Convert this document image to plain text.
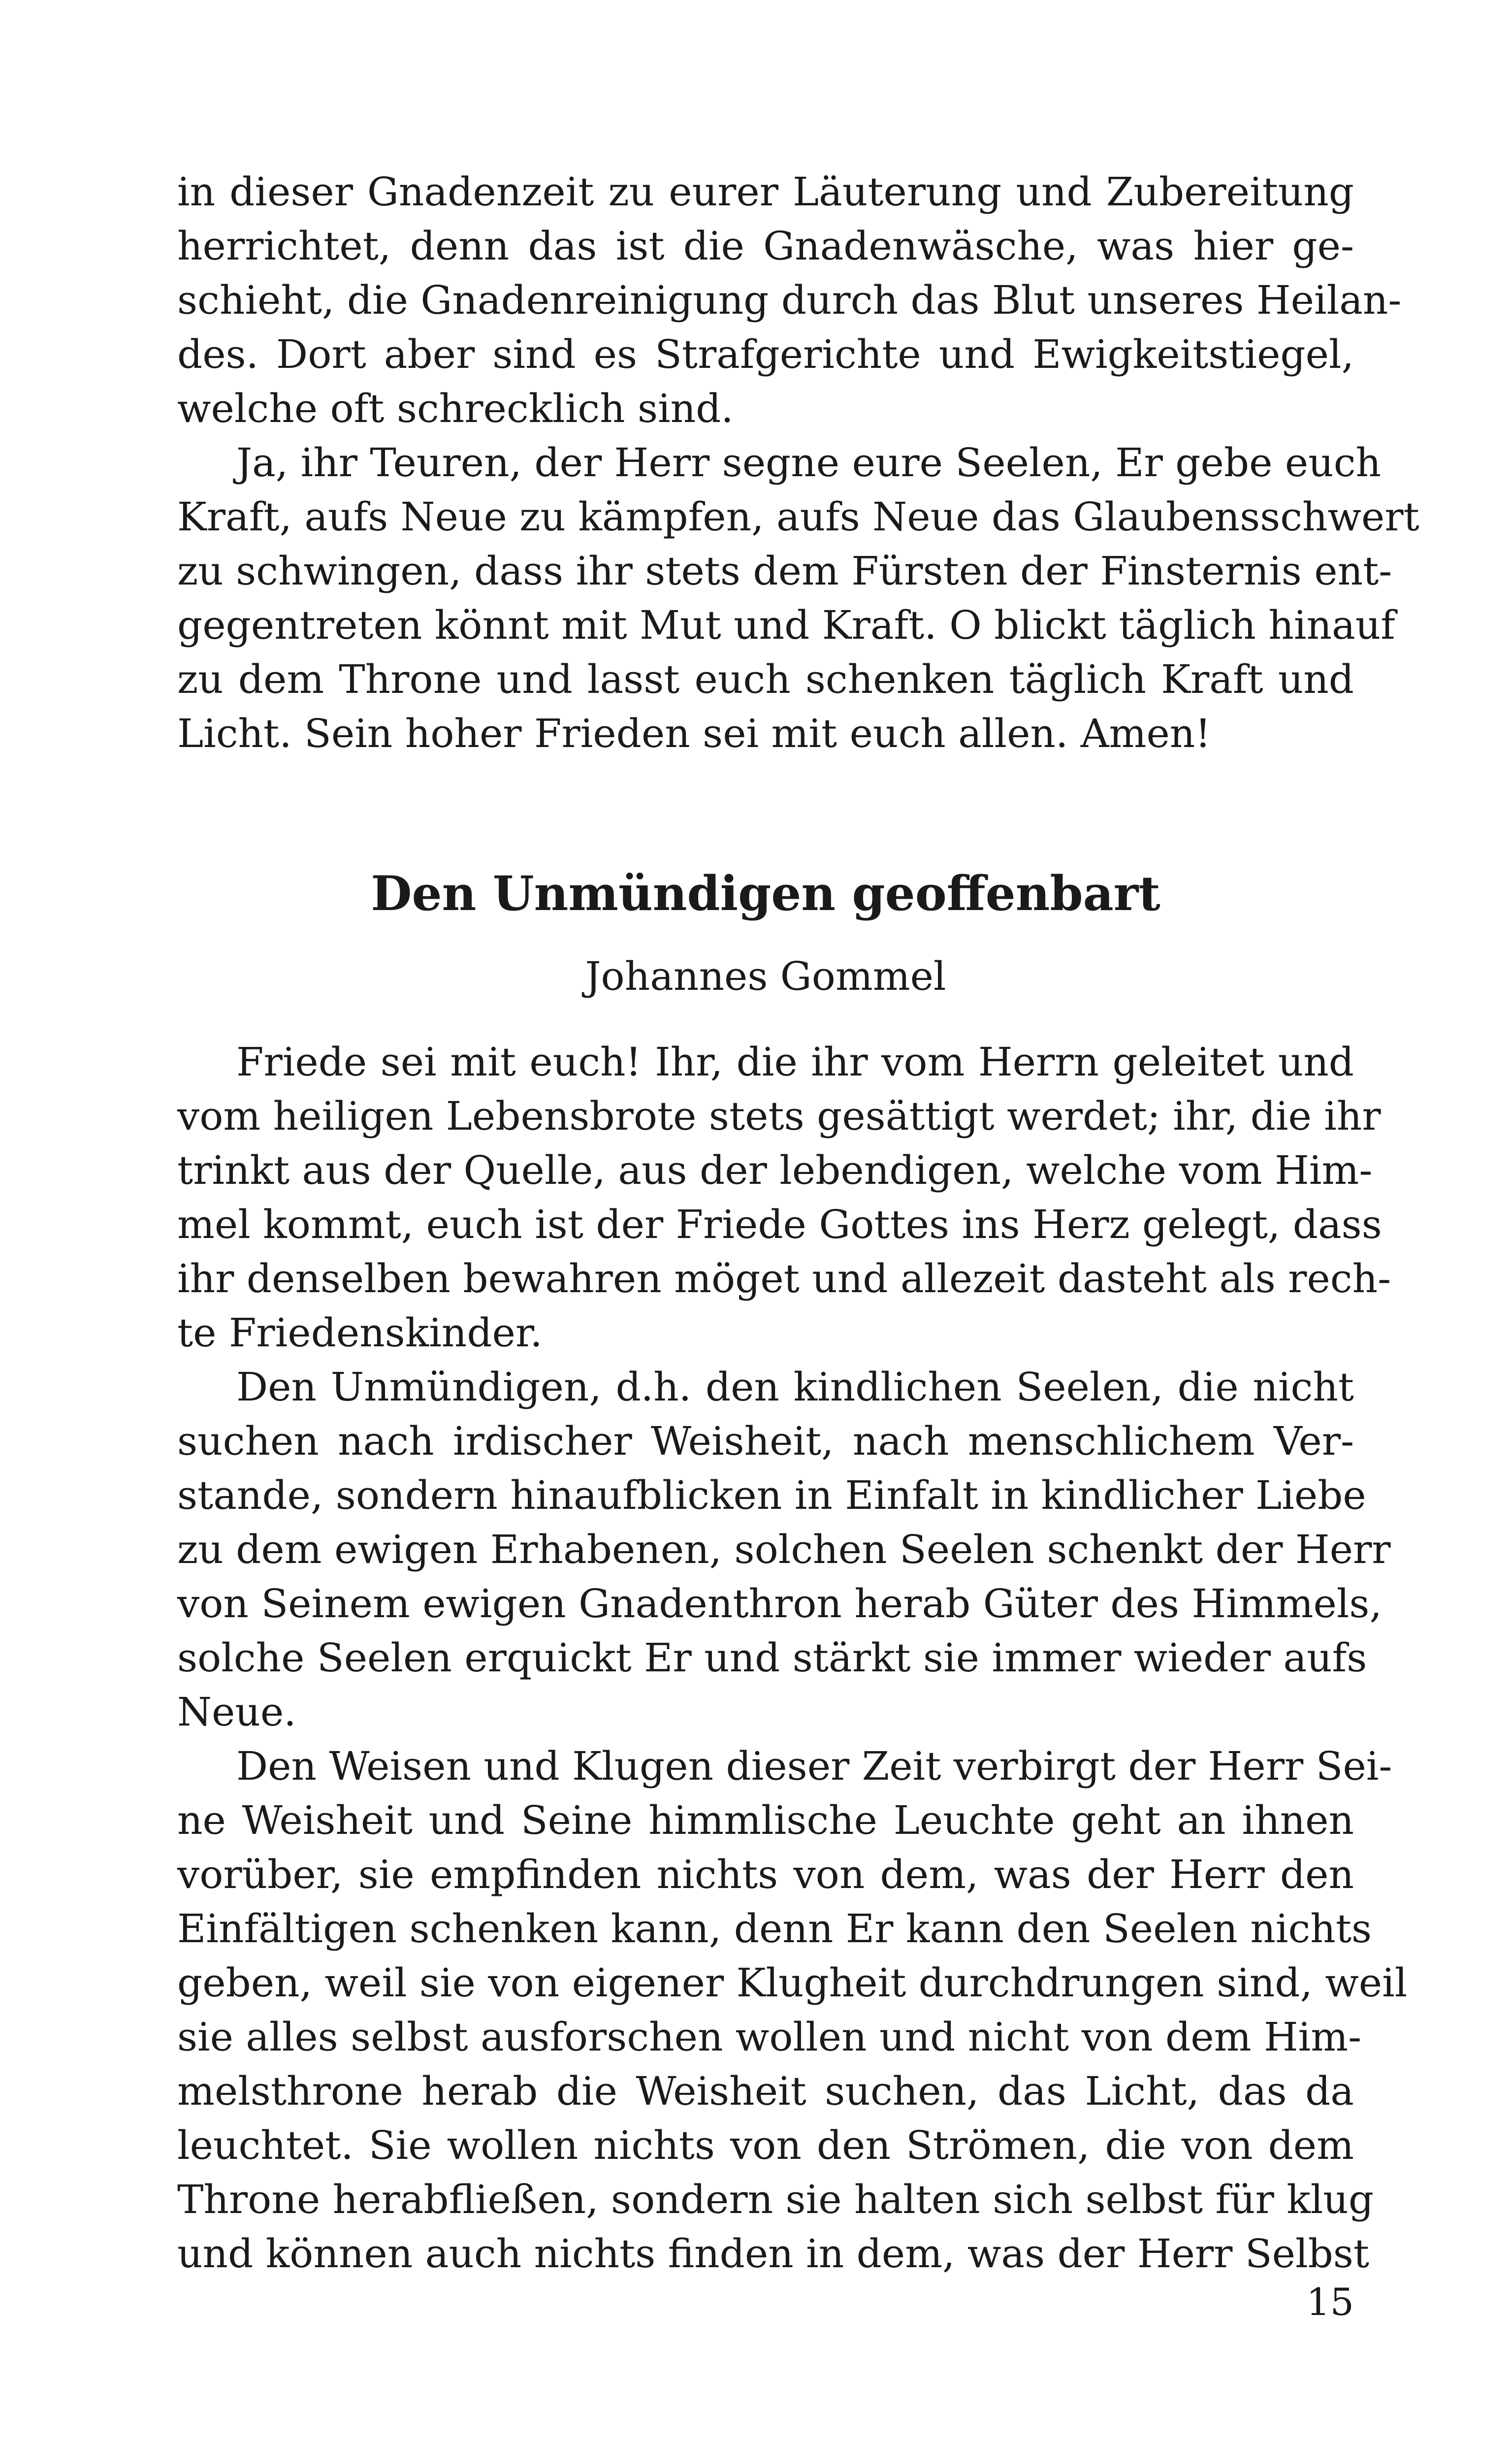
in dieser Gnadenzeit zu eurer Läuterung und Zubereitung
herrichtet, denn das ist die Gnadenwäsche, was hier ge-
schieht, die Gnadenreinigung durch das Blut unseres Heilan-
des. Dort aber sind es Strafgerichte und Ewigkeitstiegel,
welche oft schrecklich sind.
Ja, ihr Teuren, der Herr segne eure Seelen, Er gebe euch
Kraft, aufs Neue zu kämpfen, aufs Neue das Glaubensschwert
zu schwingen, dass ihr stets dem Fürsten der Finsternis ent-
gegentreten könnt mit Mut und Kraft. O blickt täglich hinauf
zu dem Throne und lasst euch schenken täglich Kraft und
Licht. Sein hoher Frieden sei mit euch allen. Amen!
Den Unmündigen geoffenbart
Johannes Gommel
Friede sei mit euch! Ihr, die ihr vom Herrn geleitet und
vom heiligen Lebensbrote stets gesättigt werdet; ihr, die ihr
trinkt aus der Quelle, aus der lebendigen, welche vom Him-
mel kommt, euch ist der Friede Gottes ins Herz gelegt, dass
ihr denselben bewahren möget und allezeit dasteht als rech-
te Friedenskinder.
Den Unmündigen, d.h. den kindlichen Seelen, die nicht
suchen nach irdischer Weisheit, nach menschlichem Ver-
stande, sondern hinaufblicken in Einfalt in kindlicher Liebe
zu dem ewigen Erhabenen, solchen Seelen schenkt der Herr
von Seinem ewigen Gnadenthron herab Güter des Himmels,
solche Seelen erquickt Er und stärkt sie immer wieder aufs
Neue.
Den Weisen und Klugen dieser Zeit verbirgt der Herr Sei-
ne Weisheit und Seine himmlische Leuchte geht an ihnen
vorüber, sie empfinden nichts von dem, was der Herr den
Einfältigen schenken kann, denn Er kann den Seelen nichts
geben, weil sie von eigener Klugheit durchdrungen sind, weil
sie alles selbst ausforschen wollen und nicht von dem Him-
melsthrone herab die Weisheit suchen, das Licht, das da
leuchtet. Sie wollen nichts von den Strömen, die von dem
Throne herabfließen, sondern sie halten sich selbst für klug
und können auch nichts finden in dem, was der Herr Selbst
15
